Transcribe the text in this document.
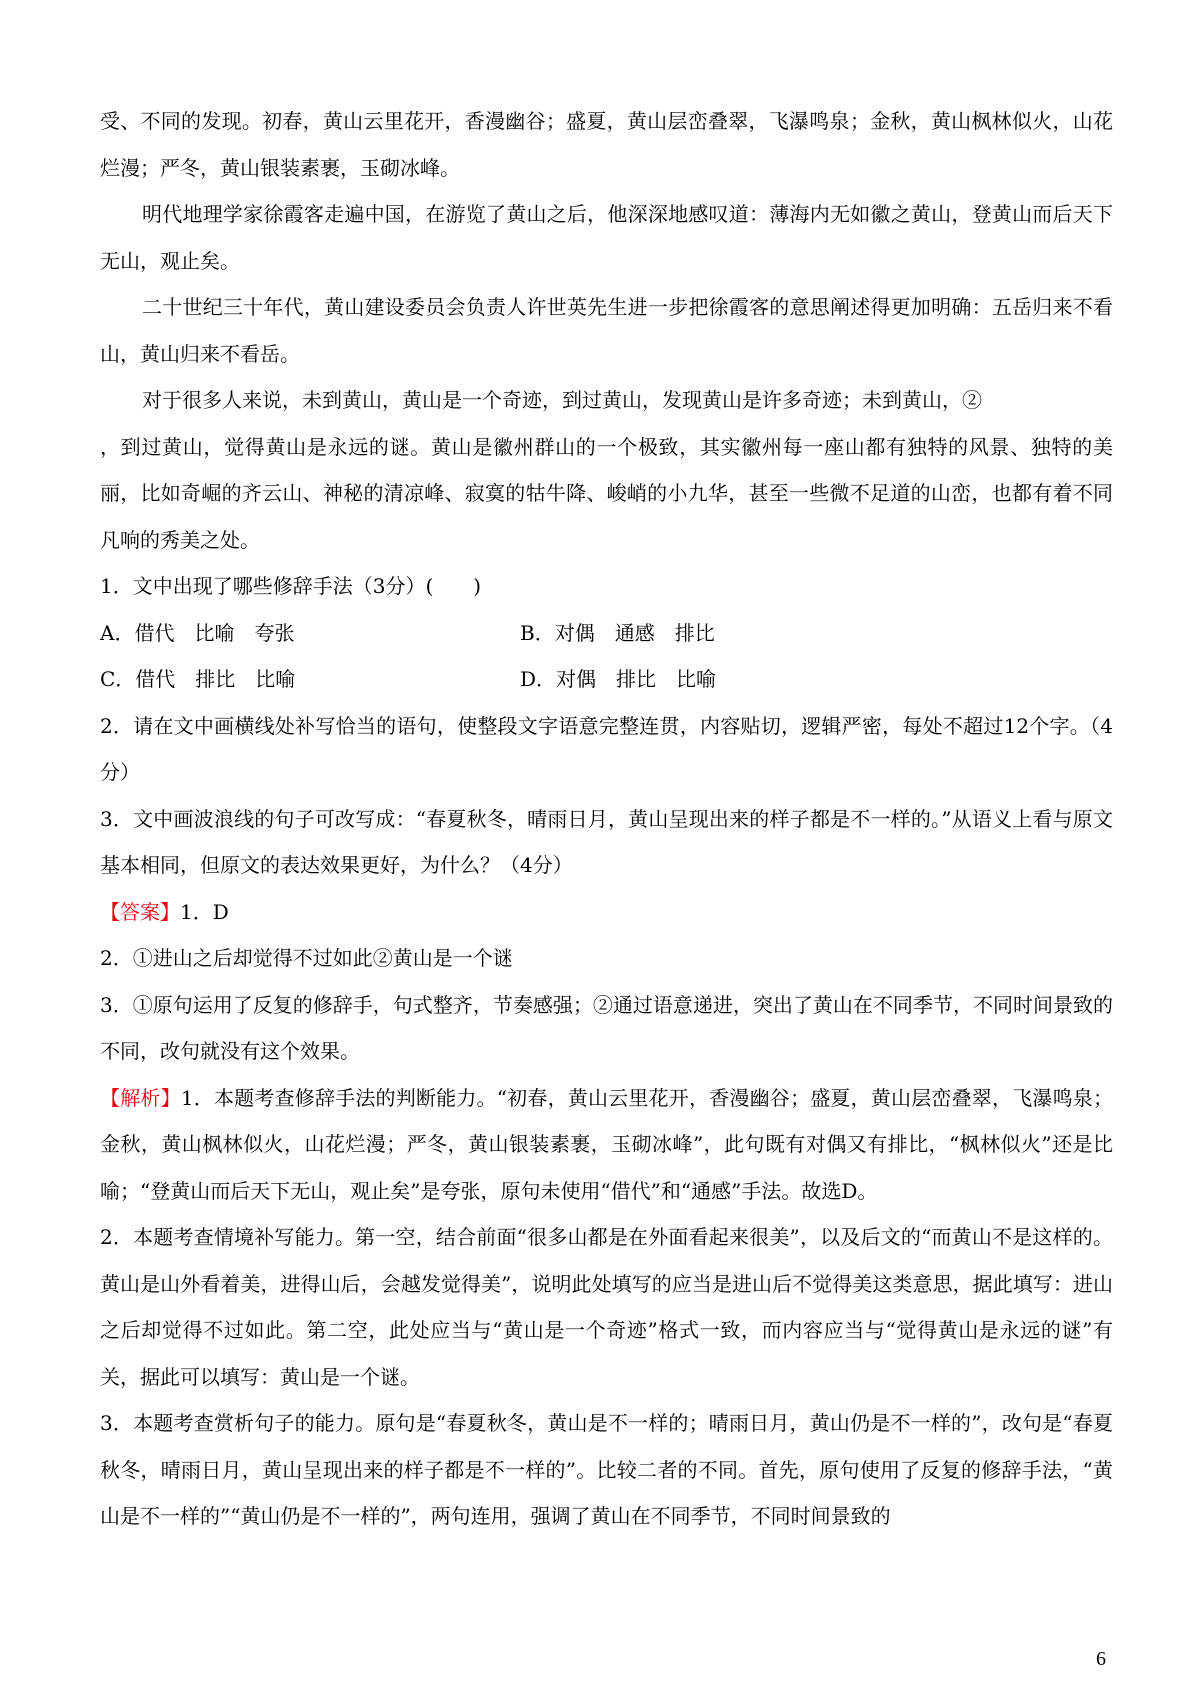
受、不同的发现。初春，黄山云里花开，香漫幽谷；盛夏，黄山层峦叠翠，飞瀑鸣泉；金秋，黄山枫林似火，山花烂漫；严冬，黄山银装素裹，玉砌冰峰。

明代地理学家徐霞客走遍中国，在游览了黄山之后，他深深地感叹道：薄海内无如徽之黄山，登黄山而后天下无山，观止矣。

二十世纪三十年代，黄山建设委员会负责人许世英先生进一步把徐霞客的意思阐述得更加明确：五岳归来不看山，黄山归来不看岳。

对于很多人来说，未到黄山，黄山是一个奇迹，到过黄山，发现黄山是许多奇迹；未到黄山，②

，到过黄山，觉得黄山是永远的谜。黄山是徽州群山的一个极致，其实徽州每一座山都有独特的风景、独特的美丽，比如奇崛的齐云山、神秘的清凉峰、寂寞的牯牛降、峻峭的小九华，甚至一些微不足道的山峦，也都有着不同凡响的秀美之处。

1．文中出现了哪些修辞手法（3分）(　　)

A．借代　比喻　夸张	B．对偶　通感　排比
C．借代　排比　比喻	D．对偶　排比　比喻

2．请在文中画横线处补写恰当的语句，使整段文字语意完整连贯，内容贴切，逻辑严密，每处不超过12个字。（4分）

3．文中画波浪线的句子可改写成：“春夏秋冬，晴雨日月，黄山呈现出来的样子都是不一样的。”从语义上看与原文基本相同，但原文的表达效果更好，为什么？（4分）

【答案】1．D

2．①进山之后却觉得不过如此②黄山是一个谜

3．①原句运用了反复的修辞手，句式整齐，节奏感强；②通过语意递进，突出了黄山在不同季节，不同时间景致的不同，改句就没有这个效果。

【解析】1．本题考查修辞手法的判断能力。“初春，黄山云里花开，香漫幽谷；盛夏，黄山层峦叠翠，飞瀑鸣泉；金秋，黄山枫林似火，山花烂漫；严冬，黄山银装素裹，玉砌冰峰”，此句既有对偶又有排比，“枫林似火”还是比喻；“登黄山而后天下无山，观止矣”是夸张，原句未使用“借代”和“通感”手法。故选D。

2．本题考查情境补写能力。第一空，结合前面“很多山都是在外面看起来很美”，以及后文的“而黄山不是这样的。黄山是山外看着美，进得山后，会越发觉得美”，说明此处填写的应当是进山后不觉得美这类意思，据此填写：进山之后却觉得不过如此。第二空，此处应当与“黄山是一个奇迹”格式一致，而内容应当与“觉得黄山是永远的谜”有关，据此可以填写：黄山是一个谜。

3．本题考查赏析句子的能力。原句是“春夏秋冬，黄山是不一样的；晴雨日月，黄山仍是不一样的”，改句是“春夏秋冬，晴雨日月，黄山呈现出来的样子都是不一样的”。比较二者的不同。首先，原句使用了反复的修辞手法，“黄山是不一样的”“黄山仍是不一样的”，两句连用，强调了黄山在不同季节，不同时间景致的

6
